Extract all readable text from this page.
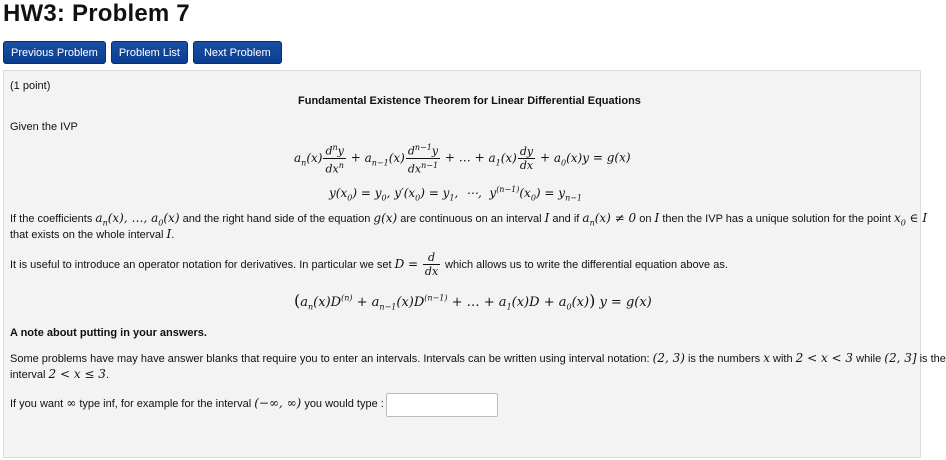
HW3: Problem 7
Previous Problem	Problem List	Next Problem
(1 point)
Fundamental Existence Theorem for Linear Differential Equations
Given the IVP
$a_n(x) \frac{d^ny}{dx^n} + a_{n-1}(x) \frac{d^{n-1}y}{dx^{n-1}}$ + … + $a_1(x) \frac{dy}{dx} + a_0(x)y = g(x)$
$y(x_0) = y_0$, $y'(x_0) = y_1$,  ⋯,  $y^{(n-1)}(x_0) = y_{n-1}$
If the coefficients $a_n(x)$, …, $a_0(x)$ and the right hand side of the equation g(x) are continuous on an interval I and if $a_n(x) \ne 0$ on I then the IVP has a unique solution for the point $x_0$ ∈ I
that exists on the whole interval I.
It is useful to introduce an operator notation for derivatives. In particular we set $D = \frac{d}{dx}$ which allows us to write the differential equation above as.
($a_n(x)D^{(n)} + a_{n-1}(x)D^{(n-1)}$ + … + $a_1(x)D + a_0(x)$) y = g(x)
A note about putting in your answers.
Some problems have may have answer blanks that require you to enter an intervals. Intervals can be written using interval notation: (2, 3) is the numbers x with 2 < x < 3 while (2, 3] is the
interval 2 < x ≤ 3.
If you want ∞ type inf, for example for the interval (−∞, ∞) you would type :
